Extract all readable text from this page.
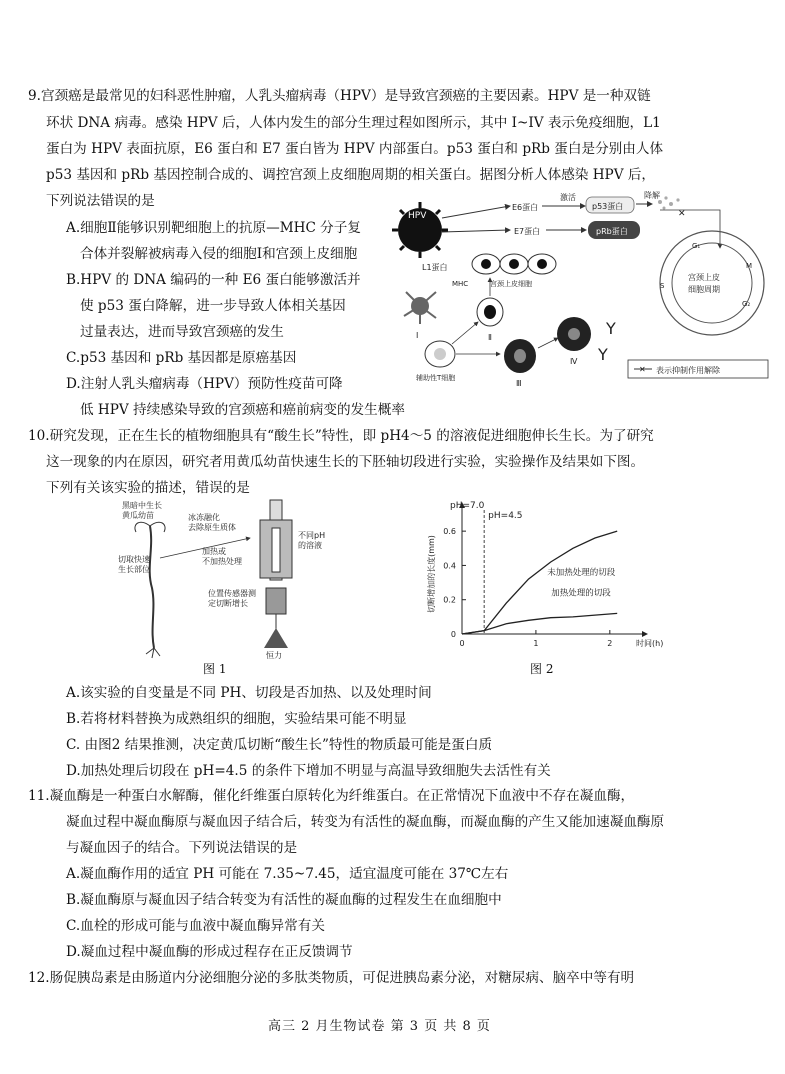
9.宫颈癌是最常见的妇科恶性肿瘤，人乳头瘤病毒（HPV）是导致宫颈癌的主要因素。HPV 是一种双链
环状 DNA 病毒。感染 HPV 后，人体内发生的部分生理过程如图所示，其中 I~IV 表示免疫细胞，L1
蛋白为 HPV 表面抗原，E6 蛋白和 E7 蛋白皆为 HPV 内部蛋白。p53 蛋白和 pRb 蛋白是分别由人体
p53 基因和 pRb 基因控制合成的、调控宫颈上皮细胞周期的相关蛋白。据图分析人体感染 HPV 后，
下列说法错误的是
A.细胞Ⅱ能够识别靶细胞上的抗原—MHC 分子复
合体并裂解被病毒入侵的细胞Ⅰ和宫颈上皮细胞
B.HPV 的 DNA 编码的一种 E6 蛋白能够激活并
使 p53 蛋白降解，进一步导致人体相关基因
过量表达，进而导致宫颈癌的发生
C.p53 基因和 pRb 基因都是原癌基因
D.注射人乳头瘤病毒（HPV）预防性疫苗可降
低 HPV 持续感染导致的宫颈癌和癌前病变的发生概率
HPV
E6蛋白
E7蛋白
激活
p53蛋白
降解
✕
pRb蛋白
宫颈上皮
细胞周期
G₁
M
G₂
S
L1蛋白
宫颈上皮细胞
MHC
Ⅰ	Ⅱ
辅助性T细胞
Ⅲ
Ⅳ
Y
Y
✕ 表示抑制作用解除
10.研究发现，正在生长的植物细胞具有“酸生长”特性，即 pH4～5 的溶液促进细胞伸长生长。为了研究
这一现象的内在原因，研究者用黄瓜幼苗快速生长的下胚轴切段进行实验，实验操作及结果如下图。
下列有关该实验的描述，错误的是
黑暗中生长
黄瓜幼苗
切取快速
生长部位
冰冻融化
去除原生质体
加热或
不加热处理
不同pH
的溶液
位置传感器测
定切断增长
恒力
图 1
0
0.2
0.4
0.6
0	1	2	时间(h)
切断增加的长度(mm)
pH=7.0
pH=4.5
未加热处理的切段
加热处理的切段
图 2
A.该实验的自变量是不同 PH、切段是否加热、以及处理时间
B.若将材料替换为成熟组织的细胞，实验结果可能不明显
C. 由图2 结果推测，决定黄瓜切断“酸生长”特性的物质最可能是蛋白质
D.加热处理后切段在 pH=4.5 的条件下增加不明显与高温导致细胞失去活性有关
11.凝血酶是一种蛋白水解酶，催化纤维蛋白原转化为纤维蛋白。在正常情况下血液中不存在凝血酶，
凝血过程中凝血酶原与凝血因子结合后，转变为有活性的凝血酶，而凝血酶的产生又能加速凝血酶原
与凝血因子的结合。下列说法错误的是
A.凝血酶作用的适宜 PH 可能在 7.35~7.45，适宜温度可能在 37℃左右
B.凝血酶原与凝血因子结合转变为有活性的凝血酶的过程发生在血细胞中
C.血栓的形成可能与血液中凝血酶异常有关
D.凝血过程中凝血酶的形成过程存在正反馈调节
12.肠促胰岛素是由肠道内分泌细胞分泌的多肽类物质，可促进胰岛素分泌，对糖尿病、脑卒中等有明
高三 2 月生物试卷 第 3 页 共 8 页
